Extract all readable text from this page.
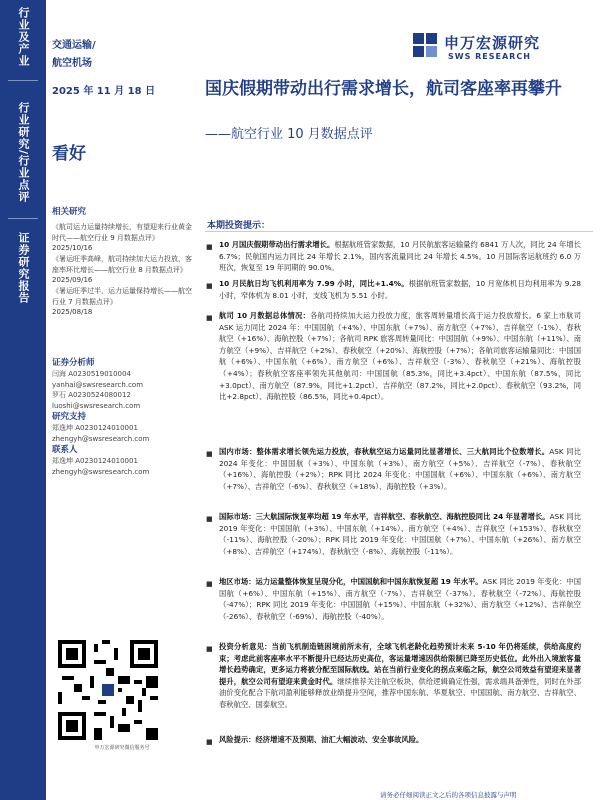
行业及产业
行业研究/行业点评
证券研究报告
交通运输/
航空机场
2025 年 11 月 18 日
看好
申万宏源研究
SWS RESEARCH
国庆假期带动出行需求增长，航司客座率再攀升
——航空行业 10 月数据点评
相关研究
《航司运力运量持续增长，有望迎来行业黄金时代——航空行业 9 月数据点评》
2025/10/16
《暑运旺季高峰，航司持续加大运力投放，客座率环比增长——航空行业 8 月数据点评》
2025/09/16
《暑运旺季过半，运力运量保持增长——航空行业 7 月数据点评》
2025/08/18
证券分析师
闫海 A0230519010004
yanhai@swsresearch.com
罗石 A0230524080012
luoshi@swsresearch.com
研究支持
郑逸坤 A0230124010001
zhengyh@swsresearch.com
联系人
郑逸坤 A0230124010001
zhengyh@swsresearch.com
申万宏源研究微信服务号
本期投资提示：
■ 10 月国庆假期带动出行需求增长。根据航班管家数据，10 月民航旅客运输量约 6841 万人次，同比 24 年增长 6.7%；民航国内运力同比 24 年增长 2.1%，国内客流量同比 24 年增长 4.5%。10 月国际客运航班约 6.0 万班次，恢复至 19 年同期的 90.0%。
■ 10 月民航日均飞机利用率为 7.99 小时，同比+1.4%。根据航班管家数据，10 月宽体机日均利用率为 9.28 小时，窄体机为 8.01 小时，支线飞机为 5.51 小时。
■ 航司 10 月数据总体情况：各航司持续加大运力投放力度，旅客周转量增长高于运力投放增长。6 家上市航司 ASK 运力同比 2024 年：中国国航（+4%）、中国东航（+7%）、南方航空（+7%）、吉祥航空（-1%）、春秋航空（+16%）、海航控股（+7%）；各航司 RPK 旅客周转量同比：中国国航（+9%）、中国东航（+11%）、南方航空（+9%）、吉祥航空（+2%）、春秋航空（+20%）、海航控股（+7%）；各航司旅客运输量同比：中国国航（+6%）、中国东航（+6%）、南方航空（+6%）、吉祥航空（-3%）、春秋航空（+21%）、海航控股（+4%）；春秋航空客座率领先其他航司：中国国航（85.3%，同比+3.4pct）、中国东航（87.5%，同比+3.0pct）、南方航空（87.9%，同比+1.2pct）、吉祥航空（87.2%，同比+2.0pct）、春秋航空（93.2%，同比+2.8pct）、海航控股（86.5%，同比+0.4pct）。
■ 国内市场：整体需求增长领先运力投放，春秋航空运力运量同比显著增长、三大航同比个位数增长。ASK 同比 2024 年变化：中国国航（+3%）、中国东航（+3%）、南方航空（+5%）、吉祥航空（-7%）、春秋航空（+16%）、海航控股（+2%）；RPK 同比 2024 年变化：中国国航（+6%）、中国东航（+6%）、南方航空（+7%）、吉祥航空（-6%）、春秋航空（+18%）、海航控股（+3%）。
■ 国际市场：三大航国际恢复率均超 19 年水平，吉祥航空、春秋航空、海航控股同比 24 年显著增长。ASK 同比 2019 年变化：中国国航（+3%）、中国东航（+14%）、南方航空（+4%）、吉祥航空（+153%）、春秋航空（-11%）、海航控股（-20%）；RPK 同比 2019 年变化：中国国航（+7%）、中国东航（+26%）、南方航空（+8%）、吉祥航空（+174%）、春秋航空（-8%）、海航控股（-11%）。
■ 地区市场：运力运量整体恢复呈现分化，中国国航和中国东航恢复超 19 年水平。ASK 同比 2019 年变化：中国国航（+6%）、中国东航（+15%）、南方航空（-7%）、吉祥航空（-37%）、春秋航空（-72%）、海航控股（-47%）；RPK 同比 2019 年变化：中国国航（+15%）、中国东航（+32%）、南方航空（+12%）、吉祥航空（-26%）、春秋航空（-69%）、海航控股（-40%）。
■ 投资分析意见：当前飞机制造链困境前所未有，全球飞机老龄化趋势预计未来 5-10 年仍将延续，供给高度约束；考虑此前客座率水平不断提升已经达历史高位，客运量增速因供给限制已降至历史低位。此外出入境旅客量增长趋势确定，更多运力将被分配至国际航线。站在当前行业变化的拐点来临之际，航空公司效益有望迎来显著提升，航空公司有望迎来黄金时代。继续推荐关注航空板块，供给逻辑确定性强，需求端具备弹性，同时在外部油价变化配合下航司盈利能够释放业绩提升空间，推荐中国东航、华夏航空、中国国航、南方航空、吉祥航空、春秋航空、国泰航空。
■ 风险提示：经济增速不及预期、油汇大幅波动、安全事故风险。
请务必仔细阅读正文之后的各项信息披露与声明
